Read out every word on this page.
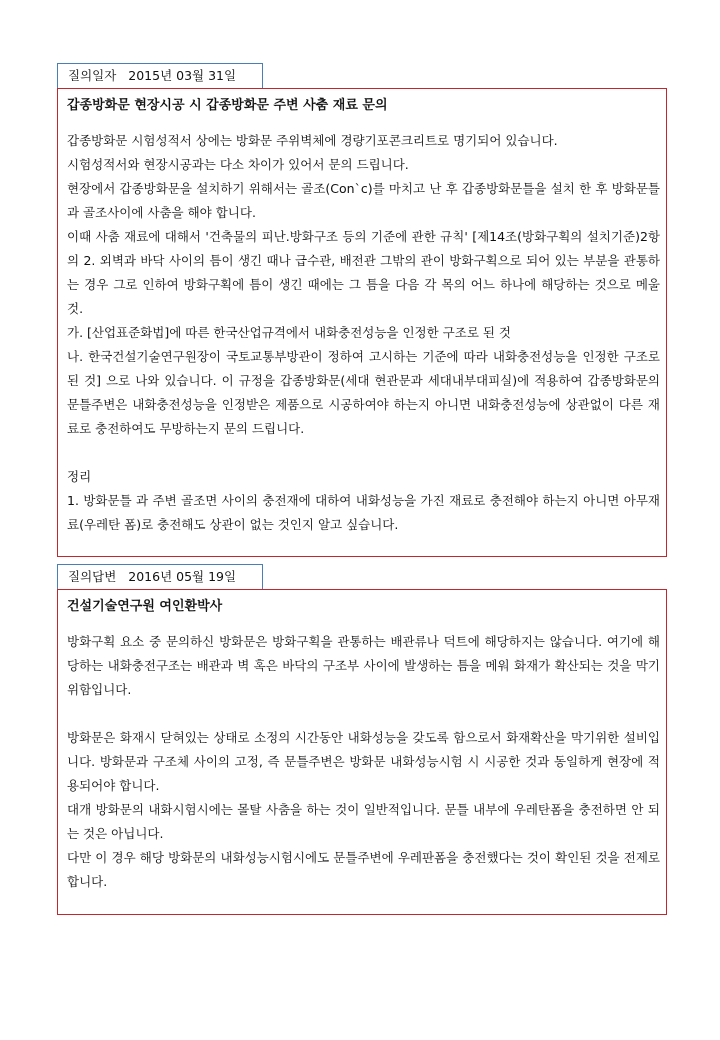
질의일자 2015년 03월 31일
갑종방화문 현장시공 시 갑종방화문 주변 사춤 재료 문의

갑종방화문 시험성적서 상에는 방화문 주위벽체에 경량기포콘크리트로 명기되어 있습니다.

시험성적서와 현장시공과는 다소 차이가 있어서 문의 드립니다.

현장에서 갑종방화문을 설치하기 위해서는 골조(Con`c)를 마치고 난 후 갑종방화문틀을 설치 한 후 방화문틀과 골조사이에 사춤을 해야 합니다.

이때 사춤 재료에 대해서 '건축물의 피난.방화구조 등의 기준에 관한 규칙' [제14조(방화구획의 설치기준)2항의 2. 외벽과 바닥 사이의 틈이 생긴 때나 급수관, 배전관 그밖의 관이 방화구획으로 되어 있는 부분을 관통하는 경우 그로 인하여 방화구획에 틈이 생긴 때에는 그 틈을 다음 각 목의 어느 하나에 해당하는 것으로 메울 것.

가. [산업표준화법]에 따른 한국산업규격에서 내화충전성능을 인정한 구조로 된 것

나. 한국건설기술연구원장이 국토교통부방관이 정하여 고시하는 기준에 따라 내화충전성능을 인정한 구조로 된 것] 으로 나와 있습니다. 이 규정을 갑종방화문(세대 현관문과 세대내부대피실)에 적용하여 갑종방화문의 문틀주변은 내화충전성능을 인정받은 제품으로 시공하여야 하는지 아니면 내화충전성능에 상관없이 다른 재료로 충전하여도 무방하는지 문의 드립니다.

정리

1. 방화문틀 과 주변 골조면 사이의 충전재에 대하여 내화성능을 가진 재료로 충전해야 하는지 아니면 아무재료(우레탄 폼)로 충전해도 상관이 없는 것인지 알고 싶습니다.

질의답변 2016년 05월 19일
건설기술연구원 여인환박사

방화구획 요소 중 문의하신 방화문은 방화구획을 관통하는 배관류나 덕트에 해당하지는 않습니다. 여기에 해당하는 내화충전구조는 배관과 벽 혹은 바닥의 구조부 사이에 발생하는 틈을 메워 화재가 확산되는 것을 막기 위함입니다.

방화문은 화재시 닫혀있는 상태로 소정의 시간동안 내화성능을 갖도록 함으로서 화재확산을 막기위한 설비입니다. 방화문과 구조체 사이의 고정, 즉 문틀주변은 방화문 내화성능시험 시 시공한 것과 동일하게 현장에 적용되어야 합니다.

대개 방화문의 내화시험시에는 몰탈 사춤을 하는 것이 일반적입니다. 문틀 내부에 우레탄폼을 충전하면 안 되는 것은 아닙니다.

다만 이 경우 해당 방화문의 내화성능시험시에도 문틀주변에 우레판폼을 충전했다는 것이 확인된 것을 전제로 합니다.
